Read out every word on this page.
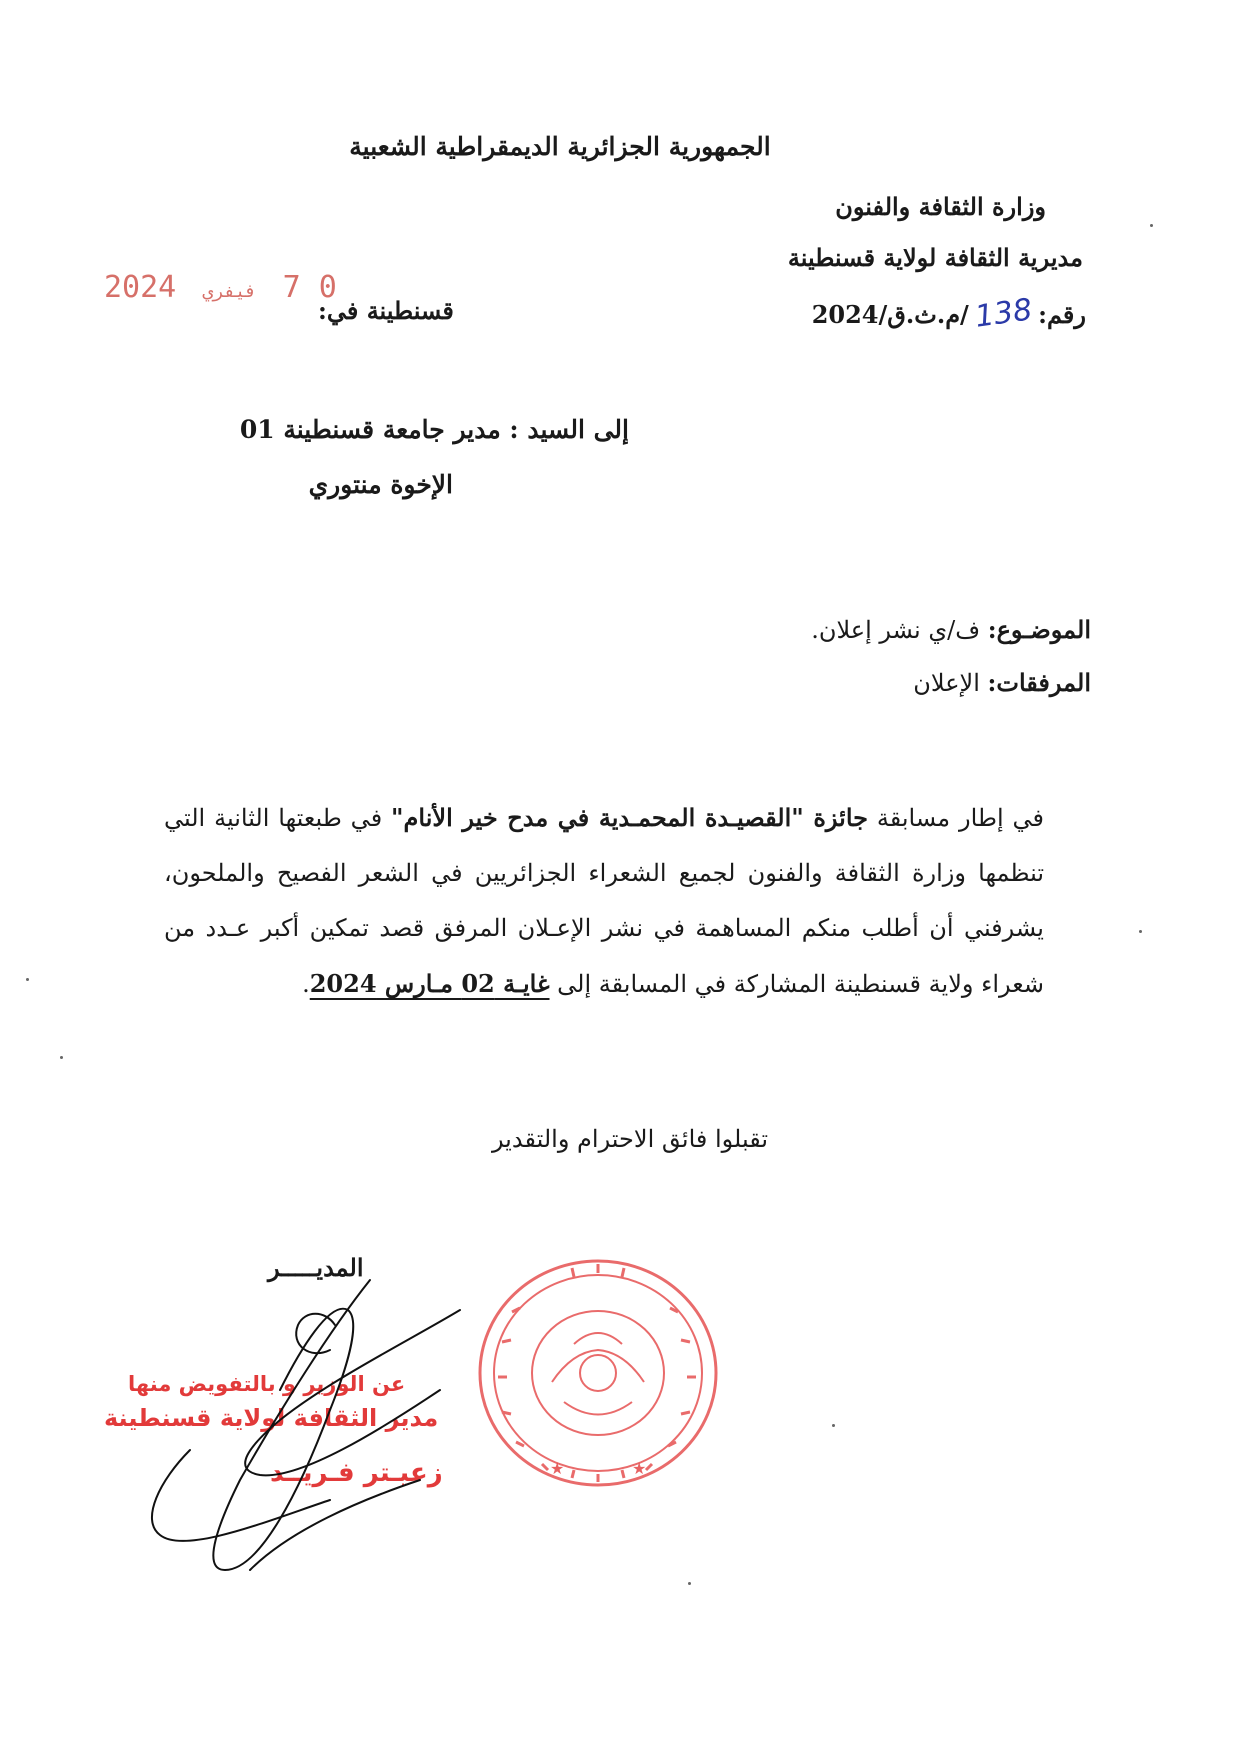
الجمهورية الجزائرية الديمقراطية الشعبية
وزارة الثقافة والفنون
مديرية الثقافة لولاية قسنطينة
رقم:138/م.ث.ق/2024
قسنطينة في:
0 7 فيفري 2024
إلى السيد : مدير جامعة قسنطينة 01
الإخوة منتوري
الموضـوع: ف/ي نشر إعلان.
المرفقات: الإعلان

في إطار مسابقة جائزة "القصيـدة المحمـدية في مدح خير الأنام" في طبعتها الثانية التي تنظمها وزارة الثقافة والفنون لجميع الشعراء الجزائريين في الشعر الفصيح والملحون، يشرفني أن أطلب منكم المساهمة في نشر الإعـلان المرفق قصد تمكين أكبر عـدد من شعراء ولاية قسنطينة المشاركة في المسابقة إلى غايـة 02 مـارس 2024.

تقبلوا فائق الاحترام والتقدير
المديـــــر
عن الوزير و بالتفويض منها
مدير الثقافة لولاية قسنطينة
زعيـتر فـريــد	★	★
